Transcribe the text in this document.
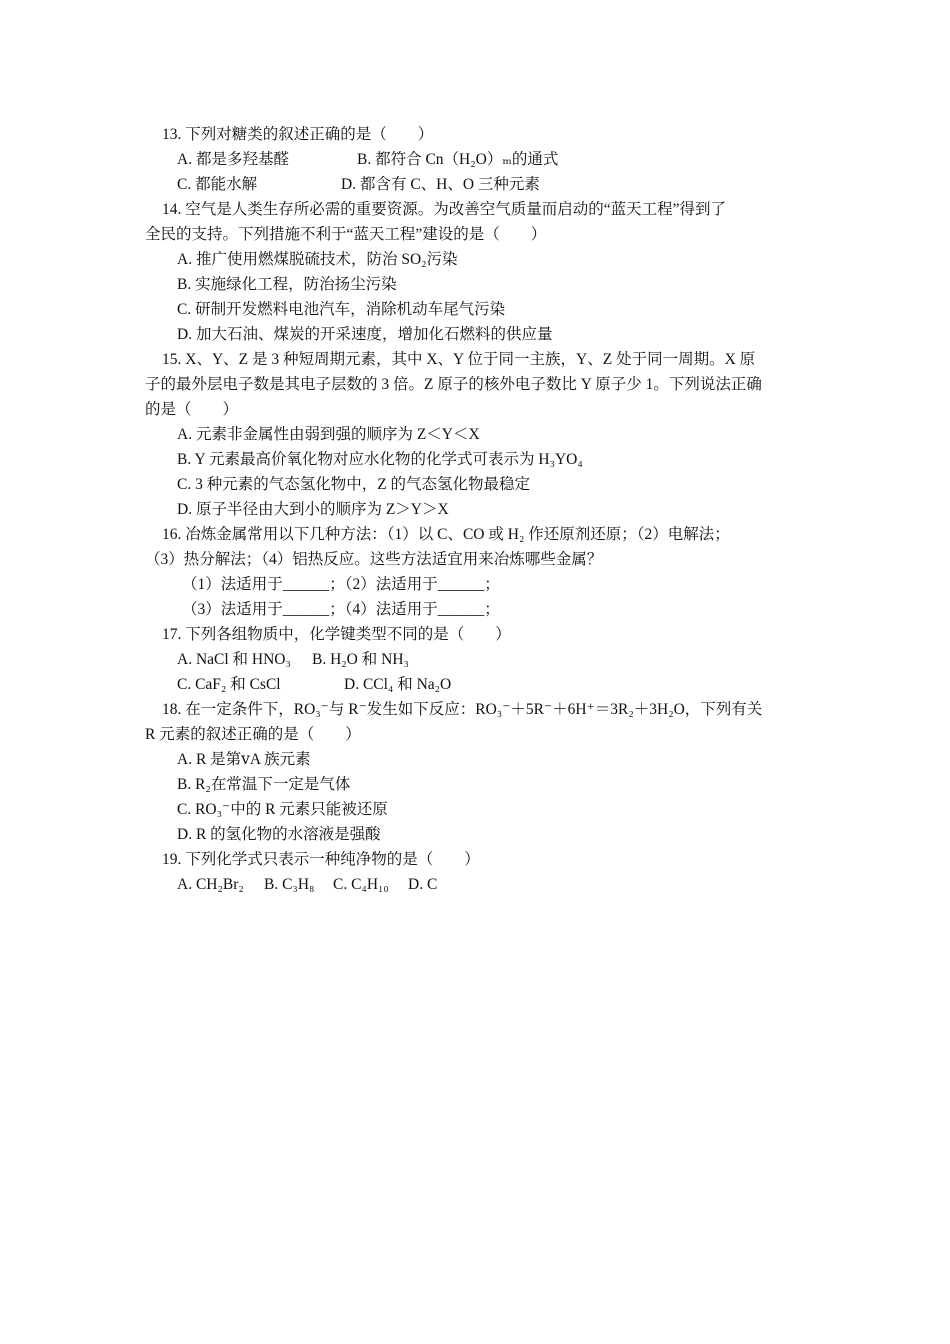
13. 下列对糖类的叙述正确的是（　　）
A. 都是多羟基醛	B. 都符合 Cn（H₂O）ₘ的通式
C. 都能水解	D. 都含有 C、H、O 三种元素
14. 空气是人类生存所必需的重要资源。为改善空气质量而启动的“蓝天工程”得到了
全民的支持。下列措施不利于“蓝天工程”建设的是（　　）
A. 推广使用燃煤脱硫技术，防治 SO₂污染
B. 实施绿化工程，防治扬尘污染
C. 研制开发燃料电池汽车，消除机动车尾气污染
D. 加大石油、煤炭的开采速度，增加化石燃料的供应量
15. X、Y、Z 是 3 种短周期元素，其中 X、Y 位于同一主族，Y、Z 处于同一周期。X 原
子的最外层电子数是其电子层数的 3 倍。Z 原子的核外电子数比 Y 原子少 1。下列说法正确
的是（　　）
A. 元素非金属性由弱到强的顺序为 Z＜Y＜X
B. Y 元素最高价氧化物对应水化物的化学式可表示为 H₃YO₄
C. 3 种元素的气态氢化物中，Z 的气态氢化物最稳定
D. 原子半径由大到小的顺序为 Z＞Y＞X
16. 冶炼金属常用以下几种方法：（1）以 C、CO 或 H₂ 作还原剂还原；（2）电解法；
（3）热分解法；（4）铝热反应。这些方法适宜用来冶炼哪些金属？
（1）法适用于______；（2）法适用于______；
（3）法适用于______；（4）法适用于______；
17. 下列各组物质中，化学键类型不同的是（　　）
A. NaCl 和 HNO₃ B. H₂O 和 NH₃
C. CaF₂ 和 CsCl	D. CCl₄ 和 Na₂O
18. 在一定条件下，RO₃⁻与 R⁻发生如下反应：RO₃⁻＋5R⁻＋6H⁺＝3R₂＋3H₂O，下列有关
R 元素的叙述正确的是（　　）
A. R 是第ⅴA 族元素
B. R₂在常温下一定是气体
C. RO₃⁻中的 R 元素只能被还原
D. R 的氢化物的水溶液是强酸
19. 下列化学式只表示一种纯净物的是（　　）
A. CH₂Br₂ B. C₃H₈ C. C₄H₁₀ D. C
